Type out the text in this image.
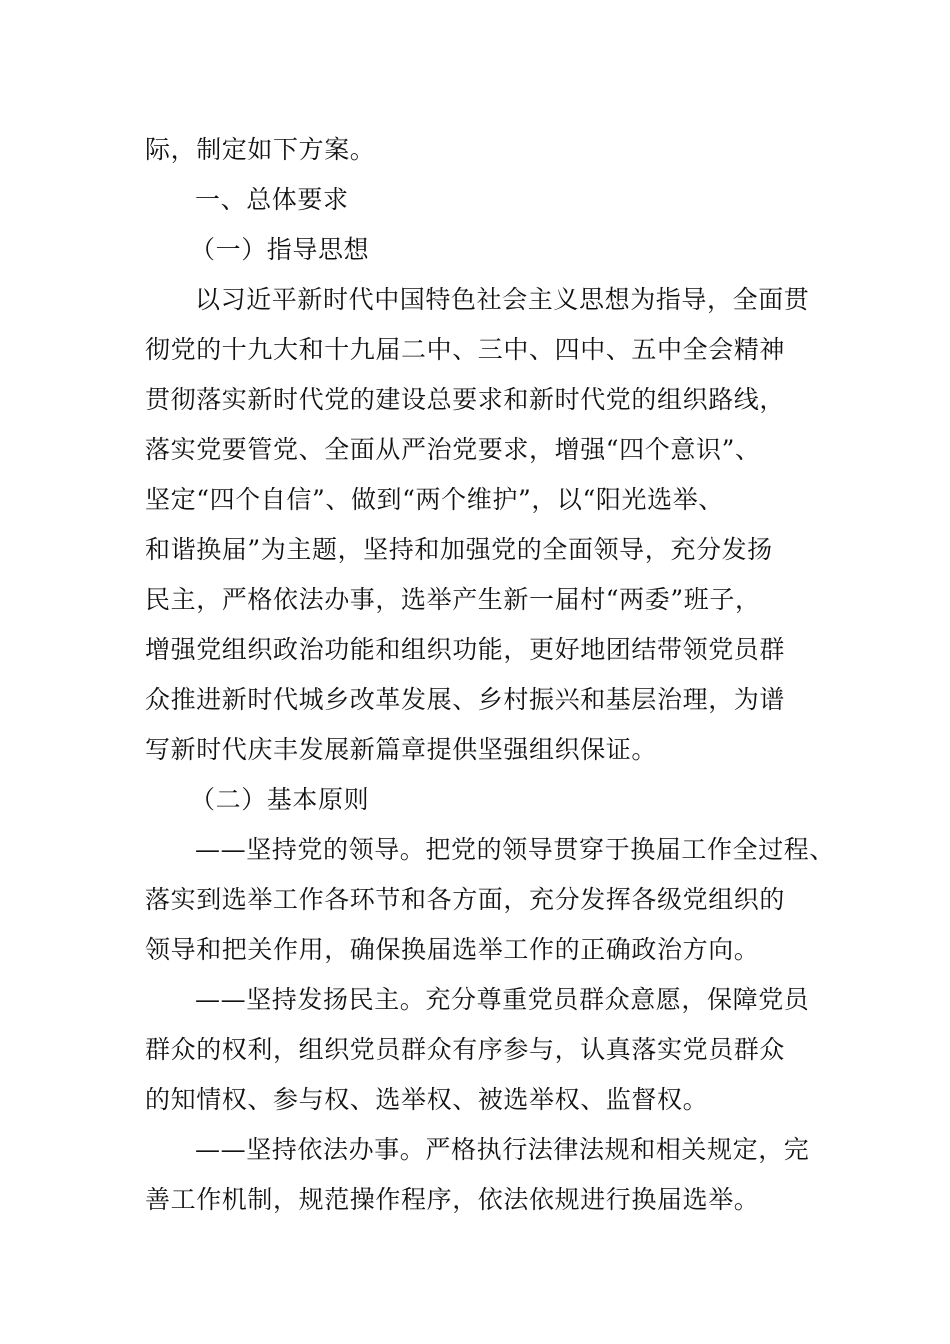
际，制定如下方案。
一、总体要求
（一）指导思想
以习近平新时代中国特色社会主义思想为指导，全面贯
彻党的十九大和十九届二中、三中、四中、五中全会精神
贯彻落实新时代党的建设总要求和新时代党的组织路线，
落实党要管党、全面从严治党要求，增强“四个意识”、
坚定“四个自信”、做到“两个维护”，以“阳光选举、
和谐换届”为主题，坚持和加强党的全面领导，充分发扬
民主，严格依法办事，选举产生新一届村“两委”班子，
增强党组织政治功能和组织功能，更好地团结带领党员群
众推进新时代城乡改革发展、乡村振兴和基层治理，为谱
写新时代庆丰发展新篇章提供坚强组织保证。
（二）基本原则
——坚持党的领导。把党的领导贯穿于换届工作全过程、
落实到选举工作各环节和各方面，充分发挥各级党组织的
领导和把关作用，确保换届选举工作的正确政治方向。
——坚持发扬民主。充分尊重党员群众意愿，保障党员
群众的权利，组织党员群众有序参与，认真落实党员群众
的知情权、参与权、选举权、被选举权、监督权。
——坚持依法办事。严格执行法律法规和相关规定，完
善工作机制，规范操作程序，依法依规进行换届选举。
